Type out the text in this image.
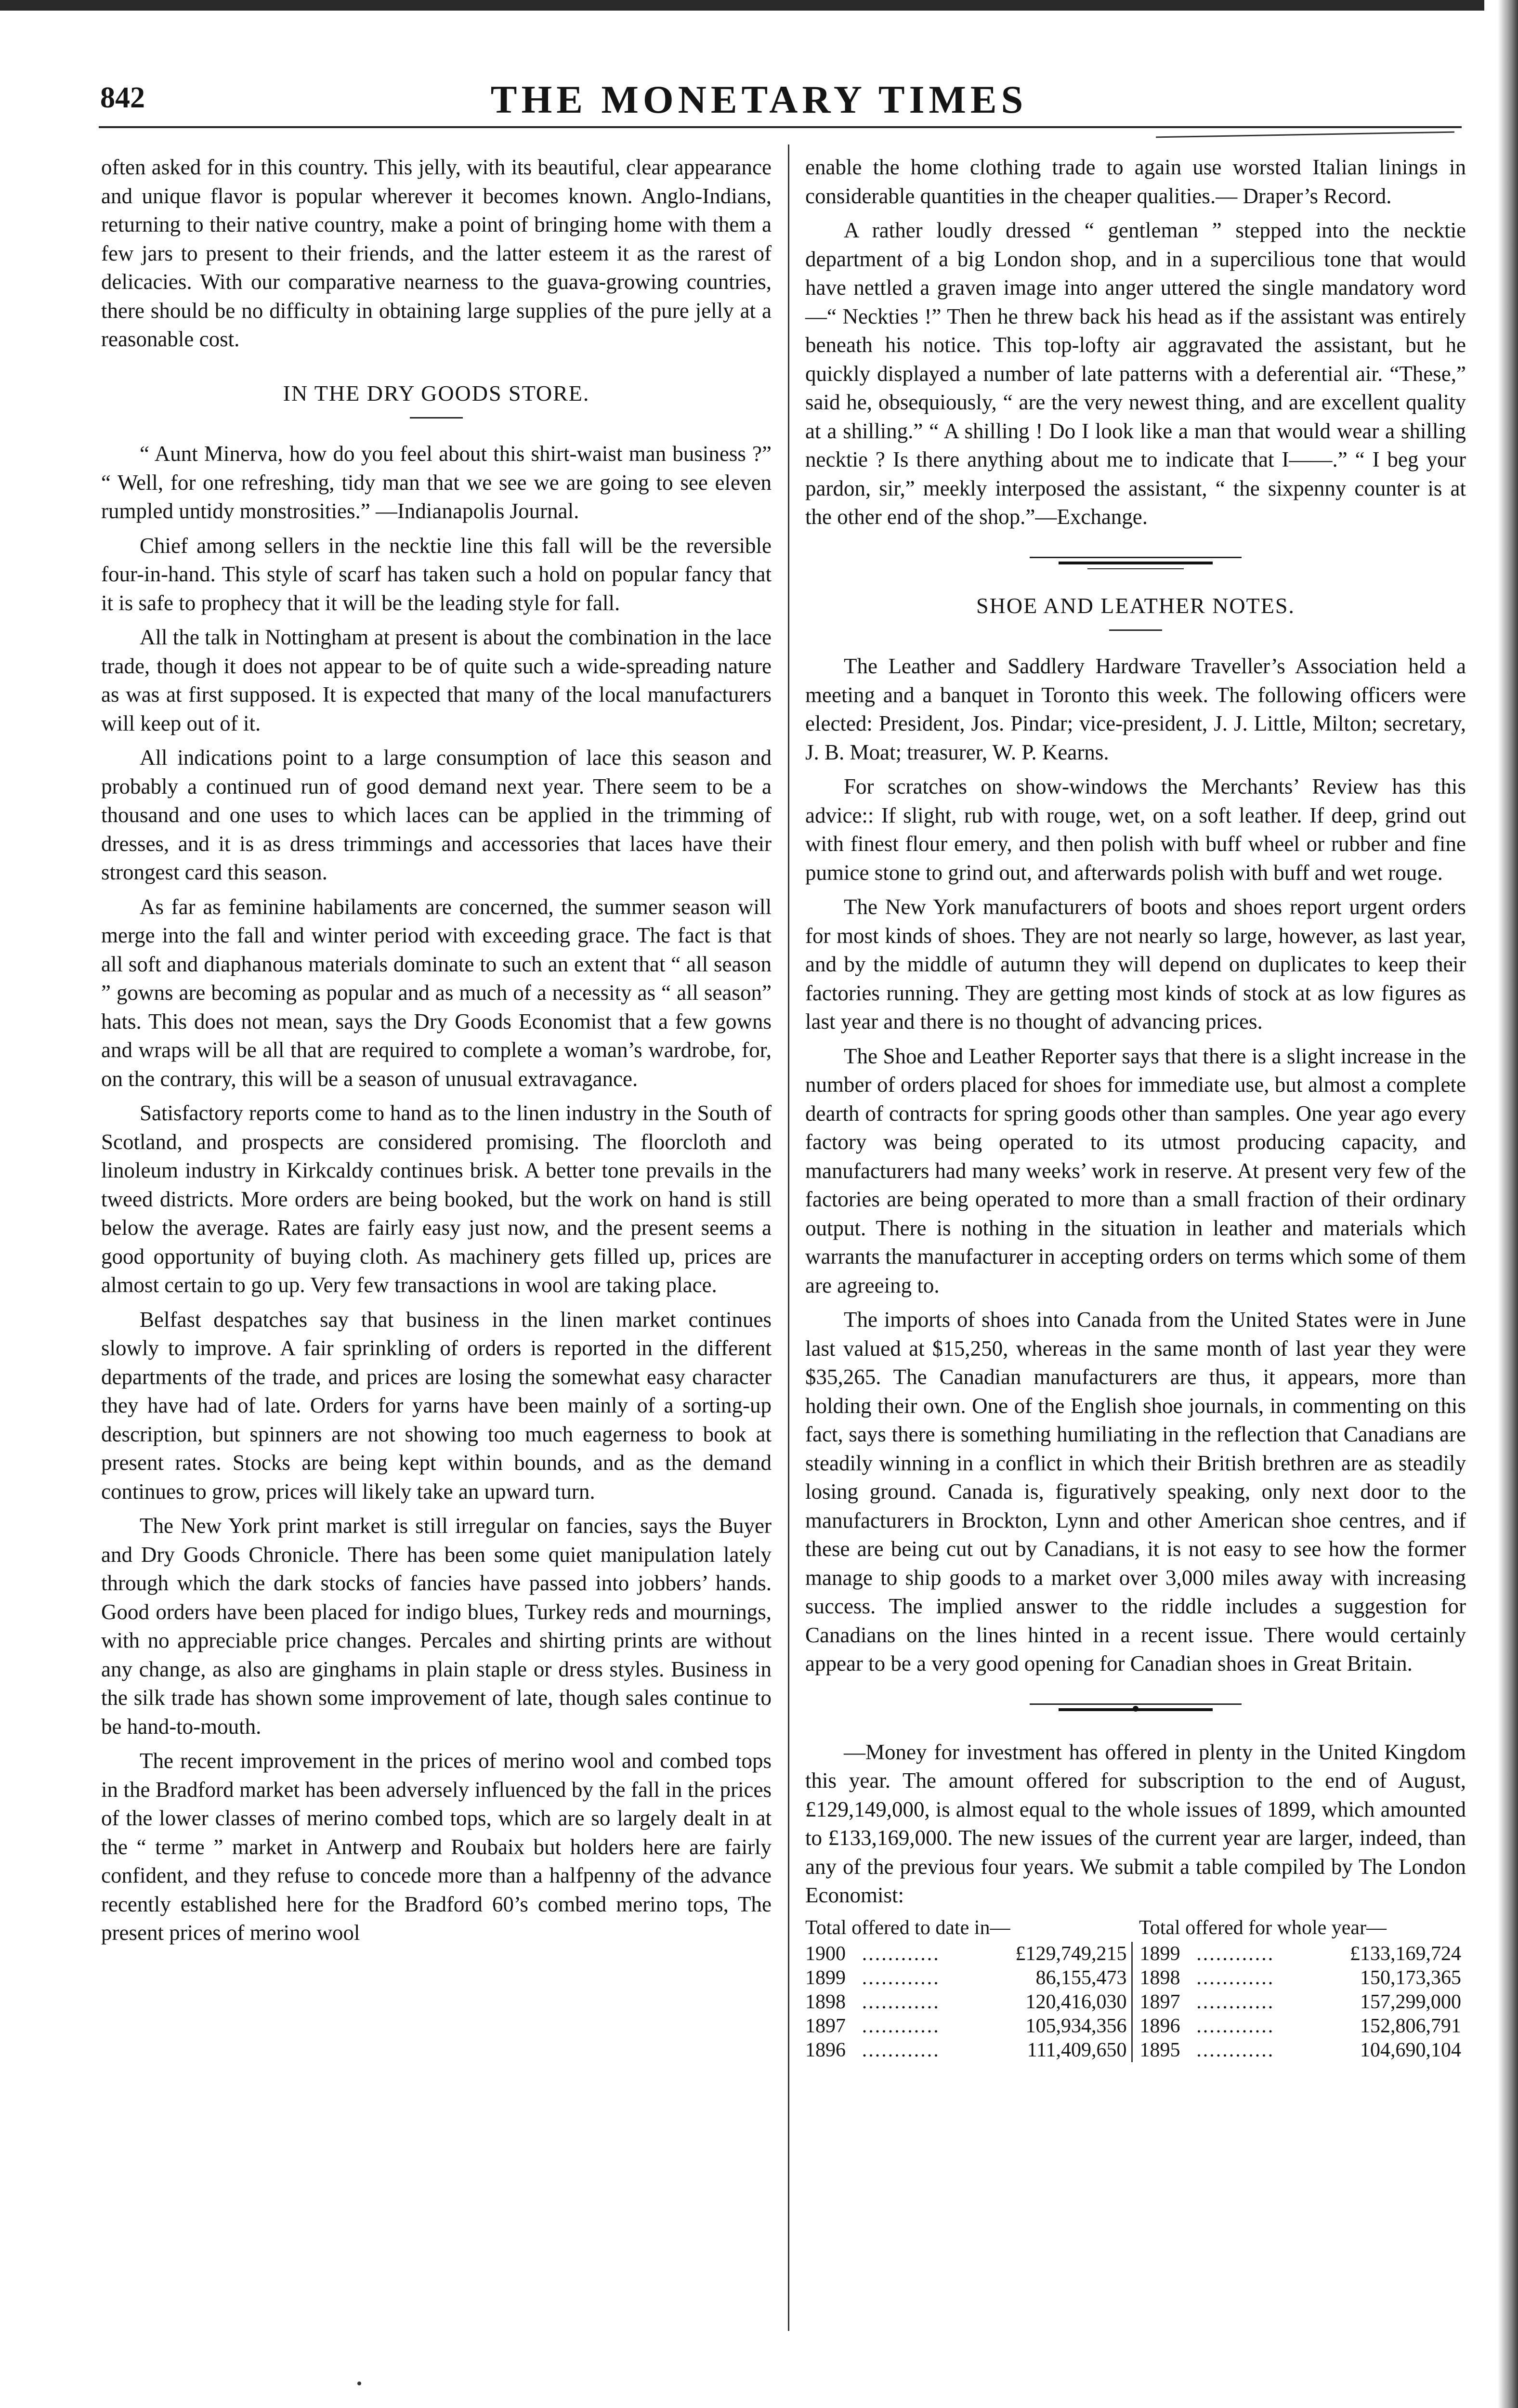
842	THE MONETARY TIMES

often asked for in this country. This jelly, with its beautiful, clear appearance and unique flavor is popular wherever it becomes known. Anglo-Indians, returning to their native country, make a point of bringing home with them a few jars to present to their friends, and the latter esteem it as the rarest of delicacies. With our comparative nearness to the guava-growing countries, there should be no difficulty in obtaining large supplies of the pure jelly at a reasonable cost.

IN THE DRY GOODS STORE.

“ Aunt Minerva, how do you feel about this shirt-waist man business ?” “ Well, for one refreshing, tidy man that we see we are going to see eleven rumpled untidy monstrosities.” —Indianapolis Journal.

Chief among sellers in the necktie line this fall will be the reversible four-in-hand. This style of scarf has taken such a hold on popular fancy that it is safe to prophecy that it will be the leading style for fall.

All the talk in Nottingham at present is about the combination in the lace trade, though it does not appear to be of quite such a wide-spreading nature as was at first supposed. It is expected that many of the local manufacturers will keep out of it.

All indications point to a large consumption of lace this season and probably a continued run of good demand next year. There seem to be a thousand and one uses to which laces can be applied in the trimming of dresses, and it is as dress trimmings and accessories that laces have their strongest card this season.

As far as feminine habilaments are concerned, the summer season will merge into the fall and winter period with exceeding grace. The fact is that all soft and diaphanous materials dominate to such an extent that “ all season ” gowns are becoming as popular and as much of a necessity as “ all season” hats. This does not mean, says the Dry Goods Economist that a few gowns and wraps will be all that are required to complete a woman’s wardrobe, for, on the contrary, this will be a season of unusual extravagance.

Satisfactory reports come to hand as to the linen industry in the South of Scotland, and prospects are considered promising. The floorcloth and linoleum industry in Kirkcaldy continues brisk. A better tone prevails in the tweed districts. More orders are being booked, but the work on hand is still below the average. Rates are fairly easy just now, and the present seems a good opportunity of buying cloth. As machinery gets filled up, prices are almost certain to go up. Very few transactions in wool are taking place.

Belfast despatches say that business in the linen market continues slowly to improve. A fair sprinkling of orders is reported in the different departments of the trade, and prices are losing the somewhat easy character they have had of late. Orders for yarns have been mainly of a sorting-up description, but spinners are not showing too much eagerness to book at present rates. Stocks are being kept within bounds, and as the demand continues to grow, prices will likely take an upward turn.

The New York print market is still irregular on fancies, says the Buyer and Dry Goods Chronicle. There has been some quiet manipulation lately through which the dark stocks of fancies have passed into jobbers’ hands. Good orders have been placed for indigo blues, Turkey reds and mournings, with no appreciable price changes. Percales and shirting prints are without any change, as also are ginghams in plain staple or dress styles. Business in the silk trade has shown some improvement of late, though sales continue to be hand-to-mouth.

The recent improvement in the prices of merino wool and combed tops in the Bradford market has been adversely influenced by the fall in the prices of the lower classes of merino combed tops, which are so largely dealt in at the “ terme ” market in Antwerp and Roubaix but holders here are fairly confident, and they refuse to concede more than a halfpenny of the advance recently established here for the Bradford 60’s combed merino tops, The present prices of merino wool

enable the home clothing trade to again use worsted Italian linings in considerable quantities in the cheaper qualities.— Draper’s Record.

A rather loudly dressed “ gentleman ” stepped into the necktie department of a big London shop, and in a supercilious tone that would have nettled a graven image into anger uttered the single mandatory word—“ Neckties !” Then he threw back his head as if the assistant was entirely beneath his notice. This top-lofty air aggravated the assistant, but he quickly displayed a number of late patterns with a deferential air. “These,” said he, obsequiously, “ are the very newest thing, and are excellent quality at a shilling.” “ A shilling ! Do I look like a man that would wear a shilling necktie ? Is there anything about me to indicate that I——.” “ I beg your pardon, sir,” meekly interposed the assistant, “ the sixpenny counter is at the other end of the shop.”—Exchange.

SHOE AND LEATHER NOTES.

The Leather and Saddlery Hardware Traveller’s Association held a meeting and a banquet in Toronto this week. The following officers were elected: President, Jos. Pindar; vice-president, J. J. Little, Milton; secretary, J. B. Moat; treasurer, W. P. Kearns.

For scratches on show-windows the Merchants’ Review has this advice:: If slight, rub with rouge, wet, on a soft leather. If deep, grind out with finest flour emery, and then polish with buff wheel or rubber and fine pumice stone to grind out, and afterwards polish with buff and wet rouge.

The New York manufacturers of boots and shoes report urgent orders for most kinds of shoes. They are not nearly so large, however, as last year, and by the middle of autumn they will depend on duplicates to keep their factories running. They are getting most kinds of stock at as low figures as last year and there is no thought of advancing prices.

The Shoe and Leather Reporter says that there is a slight increase in the number of orders placed for shoes for immediate use, but almost a complete dearth of contracts for spring goods other than samples. One year ago every factory was being operated to its utmost producing capacity, and manufacturers had many weeks’ work in reserve. At present very few of the factories are being operated to more than a small fraction of their ordinary output. There is nothing in the situation in leather and materials which warrants the manufacturer in accepting orders on terms which some of them are agreeing to.

The imports of shoes into Canada from the United States were in June last valued at $15,250, whereas in the same month of last year they were $35,265. The Canadian manufacturers are thus, it appears, more than holding their own. One of the English shoe journals, in commenting on this fact, says there is something humiliating in the reflection that Canadians are steadily winning in a conflict in which their British brethren are as steadily losing ground. Canada is, figuratively speaking, only next door to the manufacturers in Brockton, Lynn and other American shoe centres, and if these are being cut out by Canadians, it is not easy to see how the former manage to ship goods to a market over 3,000 miles away with increasing success. The implied answer to the riddle includes a suggestion for Canadians on the lines hinted in a recent issue. There would certainly appear to be a very good opening for Canadian shoes in Great Britain.

—Money for investment has offered in plenty in the United Kingdom this year. The amount offered for subscription to the end of August, £129,149,000, is almost equal to the whole issues of 1899, which amounted to £133,169,000. The new issues of the current year are larger, indeed, than any of the previous four years. We submit a table compiled by The London Economist:

Total offered to date in—			Total offered for whole year—		
1900	............	£129,749,215	1899	............	£133,169,724
1899	............	86,155,473	1898	............	150,173,365
1898	............	120,416,030	1897	............	157,299,000
1897	............	105,934,356	1896	............	152,806,791
1896	............	111,409,650	1895	............	104,690,104
